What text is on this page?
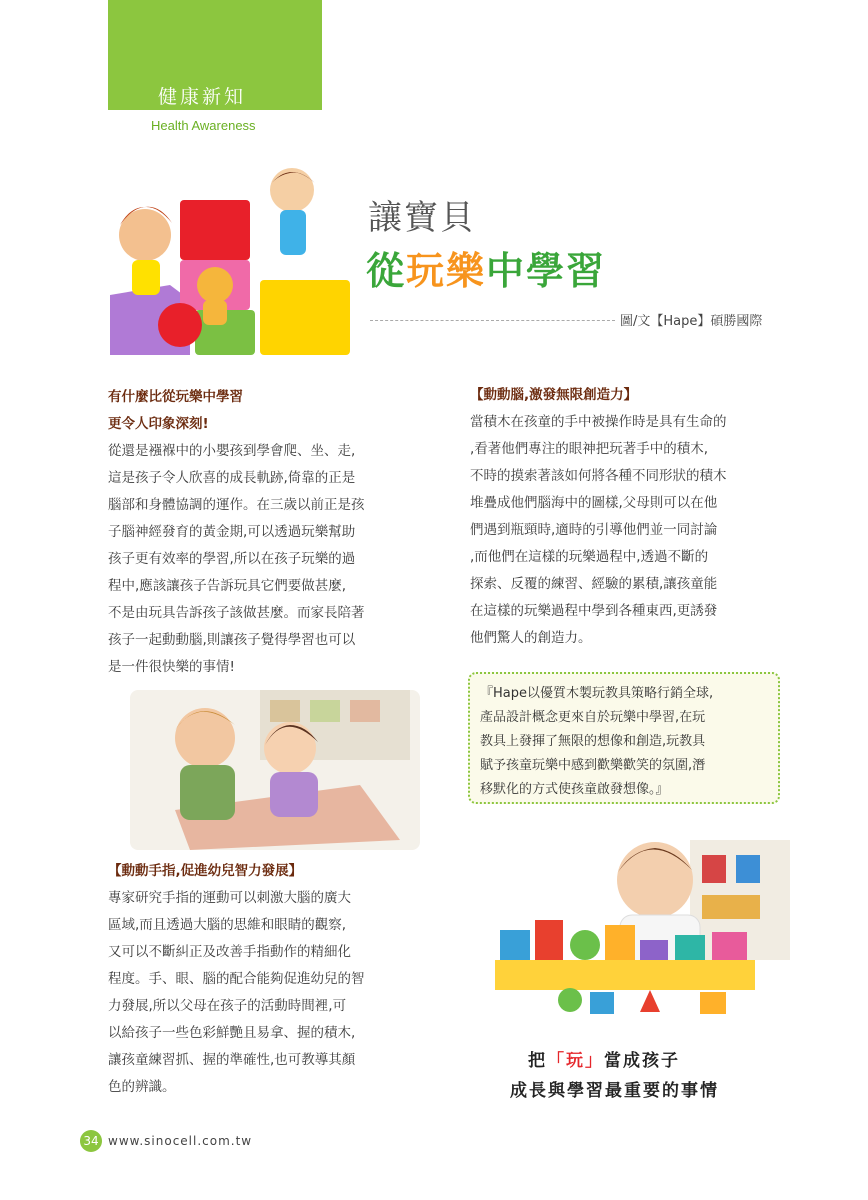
健康新知
Health Awareness
讓寶貝
從玩樂中學習
圖/文【Hape】碩勝國際
有什麼比從玩樂中學習
更令人印象深刻!
從還是襁褓中的小嬰孩到學會爬、坐、走,
這是孩子令人欣喜的成長軌跡,倚靠的正是
腦部和身體協調的運作。在三歲以前正是孩
子腦神經發育的黃金期,可以透過玩樂幫助
孩子更有效率的學習,所以在孩子玩樂的過
程中,應該讓孩子告訴玩具它們要做甚麼,
不是由玩具告訴孩子該做甚麼。而家長陪著
孩子一起動動腦,則讓孩子覺得學習也可以
是一件很快樂的事情!
【動動手指,促進幼兒智力發展】
專家研究手指的運動可以刺激大腦的廣大
區域,而且透過大腦的思維和眼睛的觀察,
又可以不斷糾正及改善手指動作的精細化
程度。手、眼、腦的配合能夠促進幼兒的智
力發展,所以父母在孩子的活動時間裡,可
以給孩子一些色彩鮮艷且易拿、握的積木,
讓孩童練習抓、握的準確性,也可教導其顏
色的辨識。
【動動腦,激發無限創造力】
當積木在孩童的手中被操作時是具有生命的
,看著他們專注的眼神把玩著手中的積木,
不時的摸索著該如何將各種不同形狀的積木
堆疊成他們腦海中的圖樣,父母則可以在他
們遇到瓶頸時,適時的引導他們並一同討論
,而他們在這樣的玩樂過程中,透過不斷的
探索、反覆的練習、經驗的累積,讓孩童能
在這樣的玩樂過程中學到各種東西,更誘發
他們驚人的創造力。
『Hape以優質木製玩教具策略行銷全球,
產品設計概念更來自於玩樂中學習,在玩
教具上發揮了無限的想像和創造,玩教具
賦予孩童玩樂中感到歡樂歡笑的氛圍,潛
移默化的方式使孩童啟發想像。』
把「玩」當成孩子
成長與學習最重要的事情
34 www.sinocell.com.tw
